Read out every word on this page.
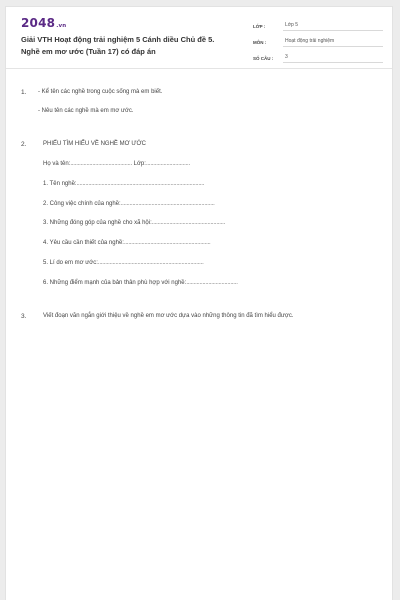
2048.vn
Giải VTH Hoạt động trải nghiệm 5 Cánh diều Chủ đề 5.
Nghề em mơ ước (Tuần 17) có đáp án
LỚP :	Lớp 5
MÔN :	Hoạt động trải nghiệm
SỐ CÂU :	3
1. - Kể tên các nghề trong cuộc sống mà em biết.
- Nêu tên các nghề mà em mơ ước.
2.	PHIẾU TÌM HIỂU VỀ NGHỀ MƠ ƯỚC
Họ và tên:.......................................... Lớp:..............................
1. Tên nghề:.......................................................................................
2. Công việc chính của nghề:................................................................
3. Những đóng góp của nghề cho xã hội:..................................................
4. Yêu cầu cần thiết của nghề:...........................................................
5. Lí do em mơ ước:........................................................................
6. Những điểm mạnh của bản thân phù hợp với nghề:...................................
3.	Viết đoạn văn ngắn giới thiệu về nghề em mơ ước dựa vào những thông tin đã tìm hiểu được.
